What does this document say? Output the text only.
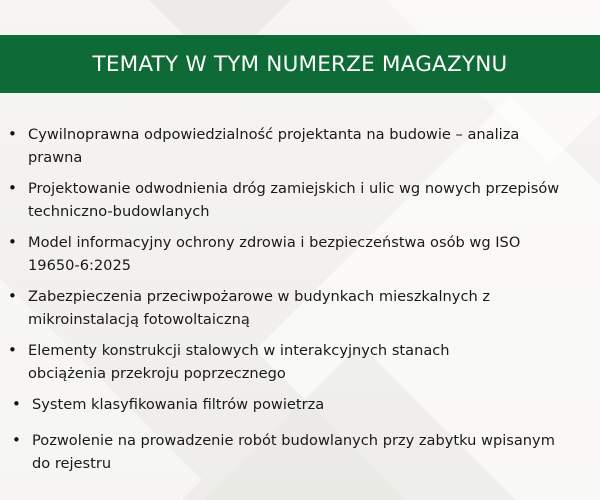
TEMATY W TYM NUMERZE MAGAZYNU
• Cywilnoprawna odpowiedzialność projektanta na budowie – analiza prawna
• Projektowanie odwodnienia dróg zamiejskich i ulic wg nowych przepisów techniczno-budowlanych
• Model informacyjny ochrony zdrowia i bezpieczeństwa osób wg ISO 19650-6:2025
• Zabezpieczenia przeciwpożarowe w budynkach mieszkalnych z mikroinstalacją fotowoltaiczną
• Elementy konstrukcji stalowych w interakcyjnych stanach obciążenia przekroju poprzecznego
• System klasyfikowania filtrów powietrza
• Pozwolenie na prowadzenie robót budowlanych przy zabytku wpisanym do rejestru
